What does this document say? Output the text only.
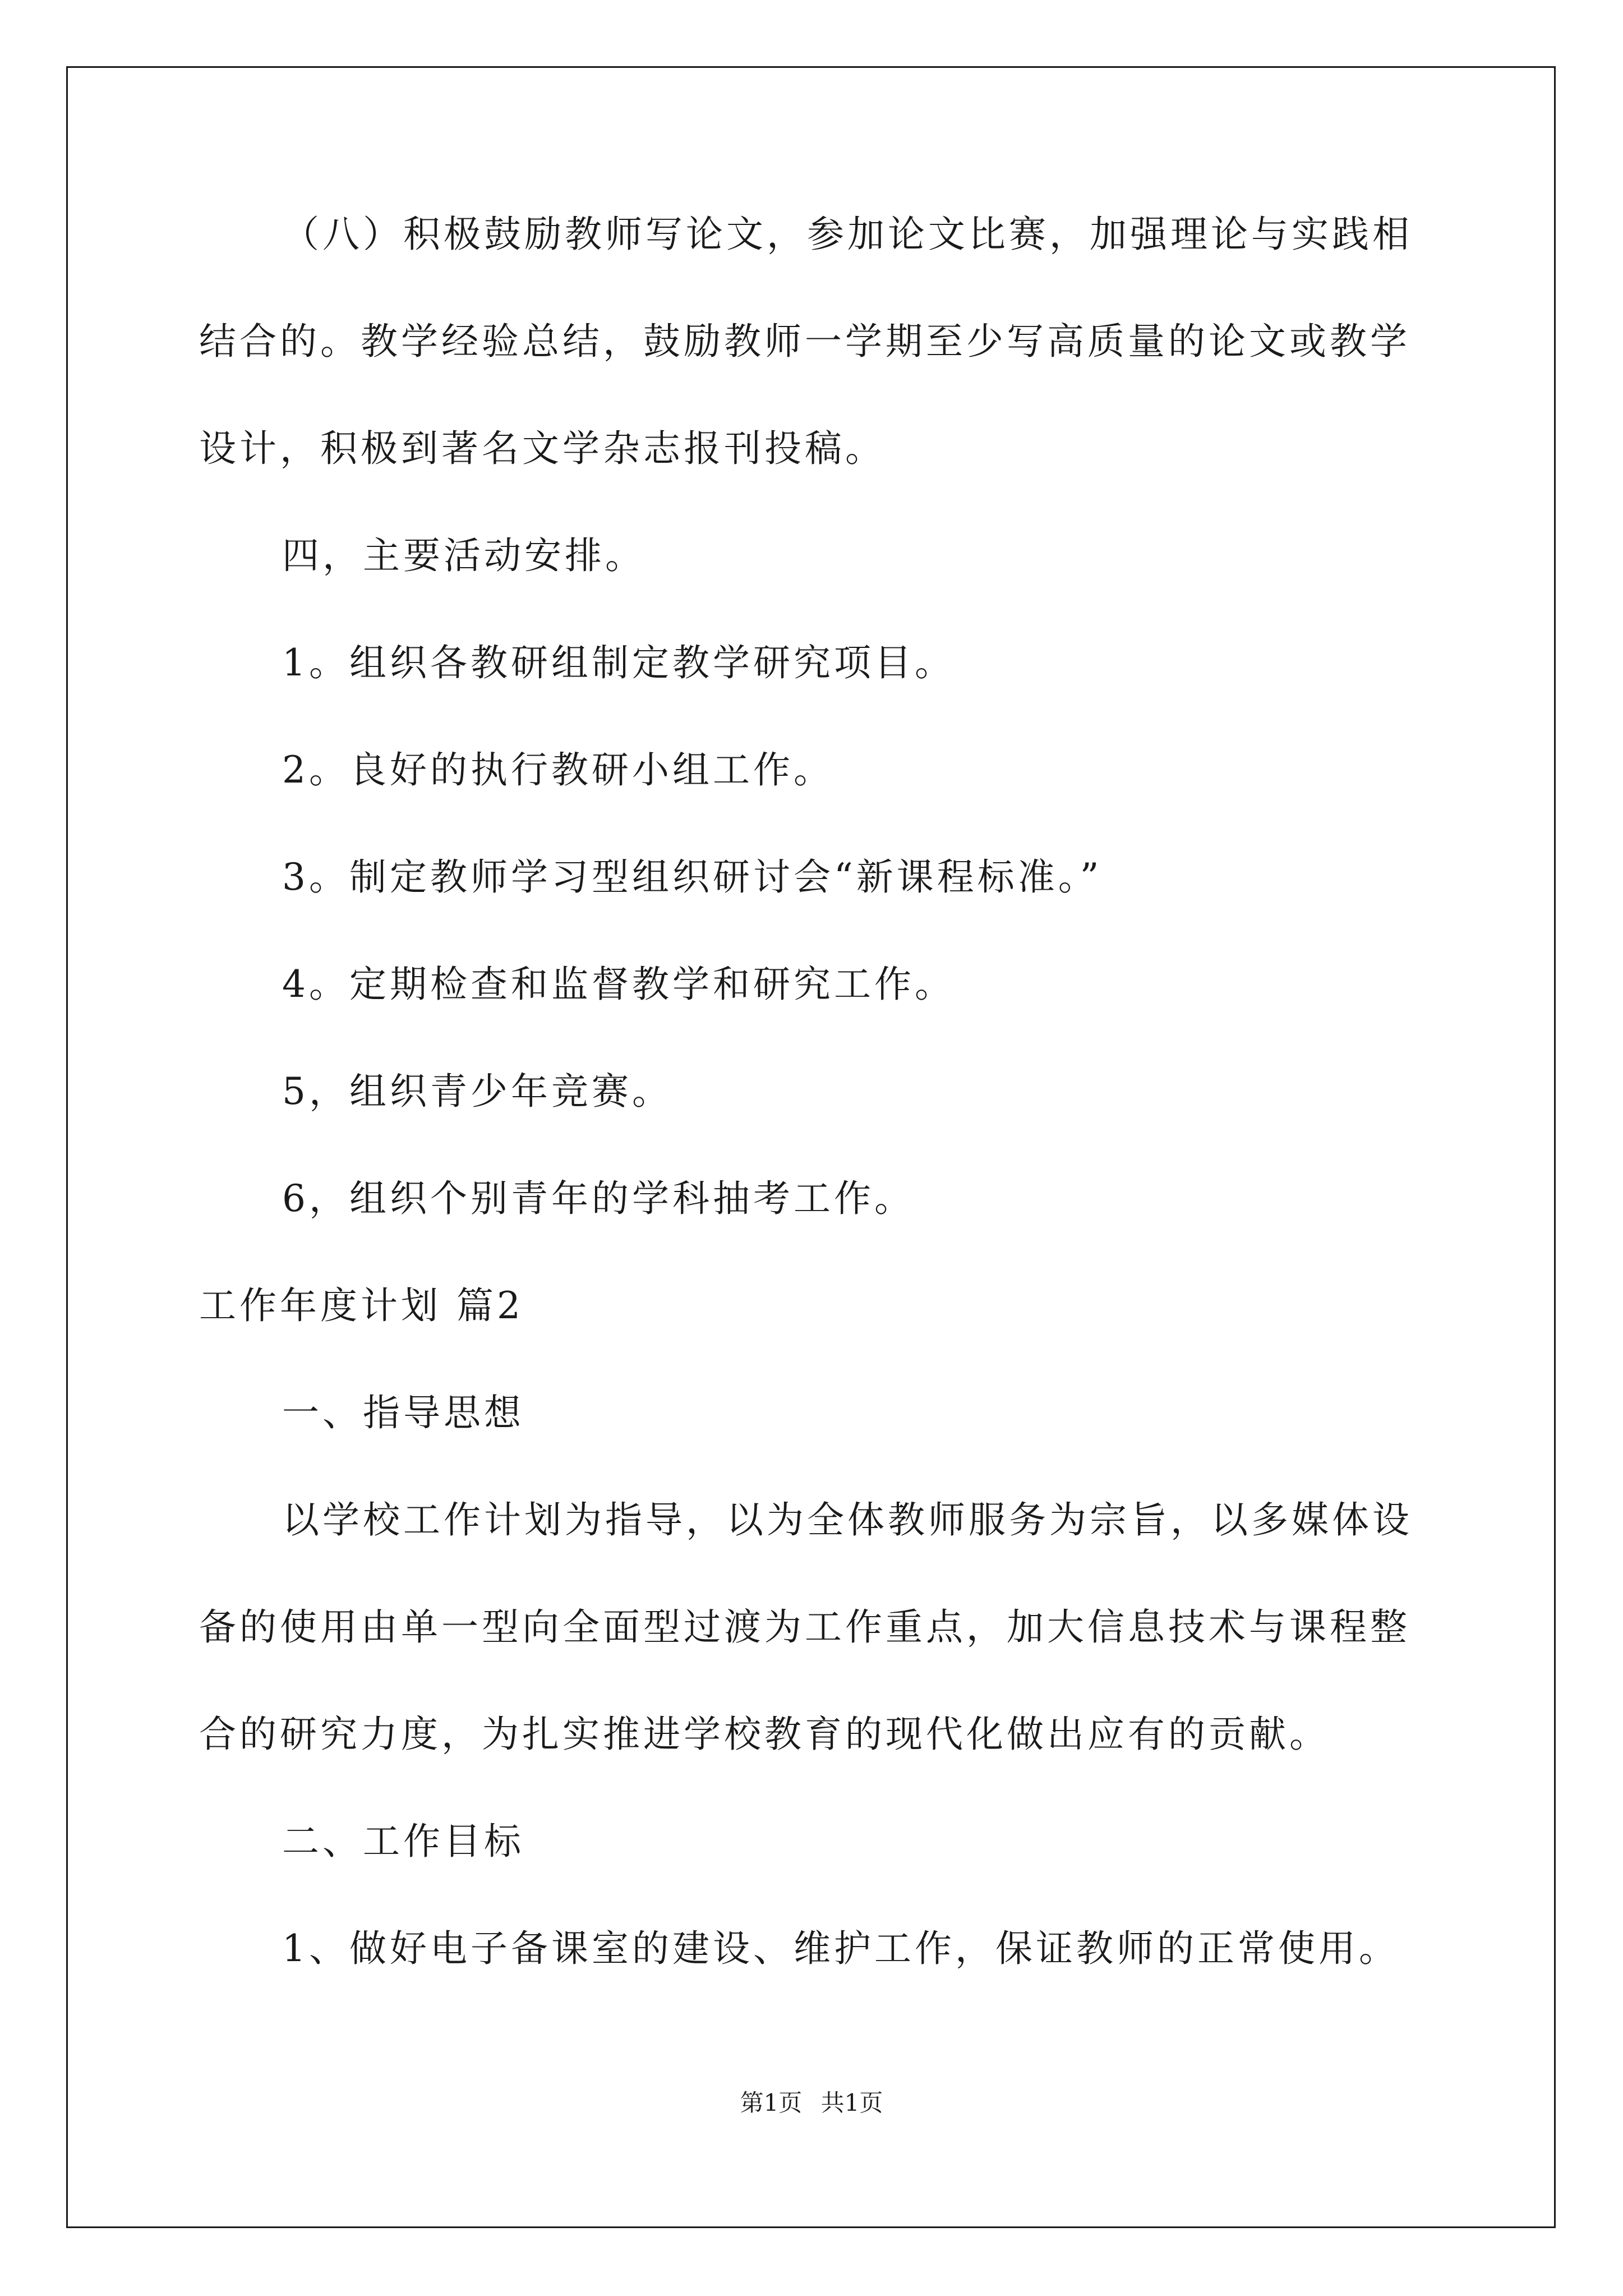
（八）积极鼓励教师写论文，参加论文比赛，加强理论与实践相

结合的。教学经验总结，鼓励教师一学期至少写高质量的论文或教学

设计，积极到著名文学杂志报刊投稿。

四，主要活动安排。

1。组织各教研组制定教学研究项目。

2。良好的执行教研小组工作。

3。制定教师学习型组织研讨会“新课程标准。”

4。定期检查和监督教学和研究工作。

5，组织青少年竞赛。

6，组织个别青年的学科抽考工作。

工作年度计划 篇2

一、指导思想

以学校工作计划为指导，以为全体教师服务为宗旨，以多媒体设

备的使用由单一型向全面型过渡为工作重点，加大信息技术与课程整

合的研究力度，为扎实推进学校教育的现代化做出应有的贡献。

二、工作目标

1、做好电子备课室的建设、维护工作，保证教师的正常使用。

第1页 共1页
